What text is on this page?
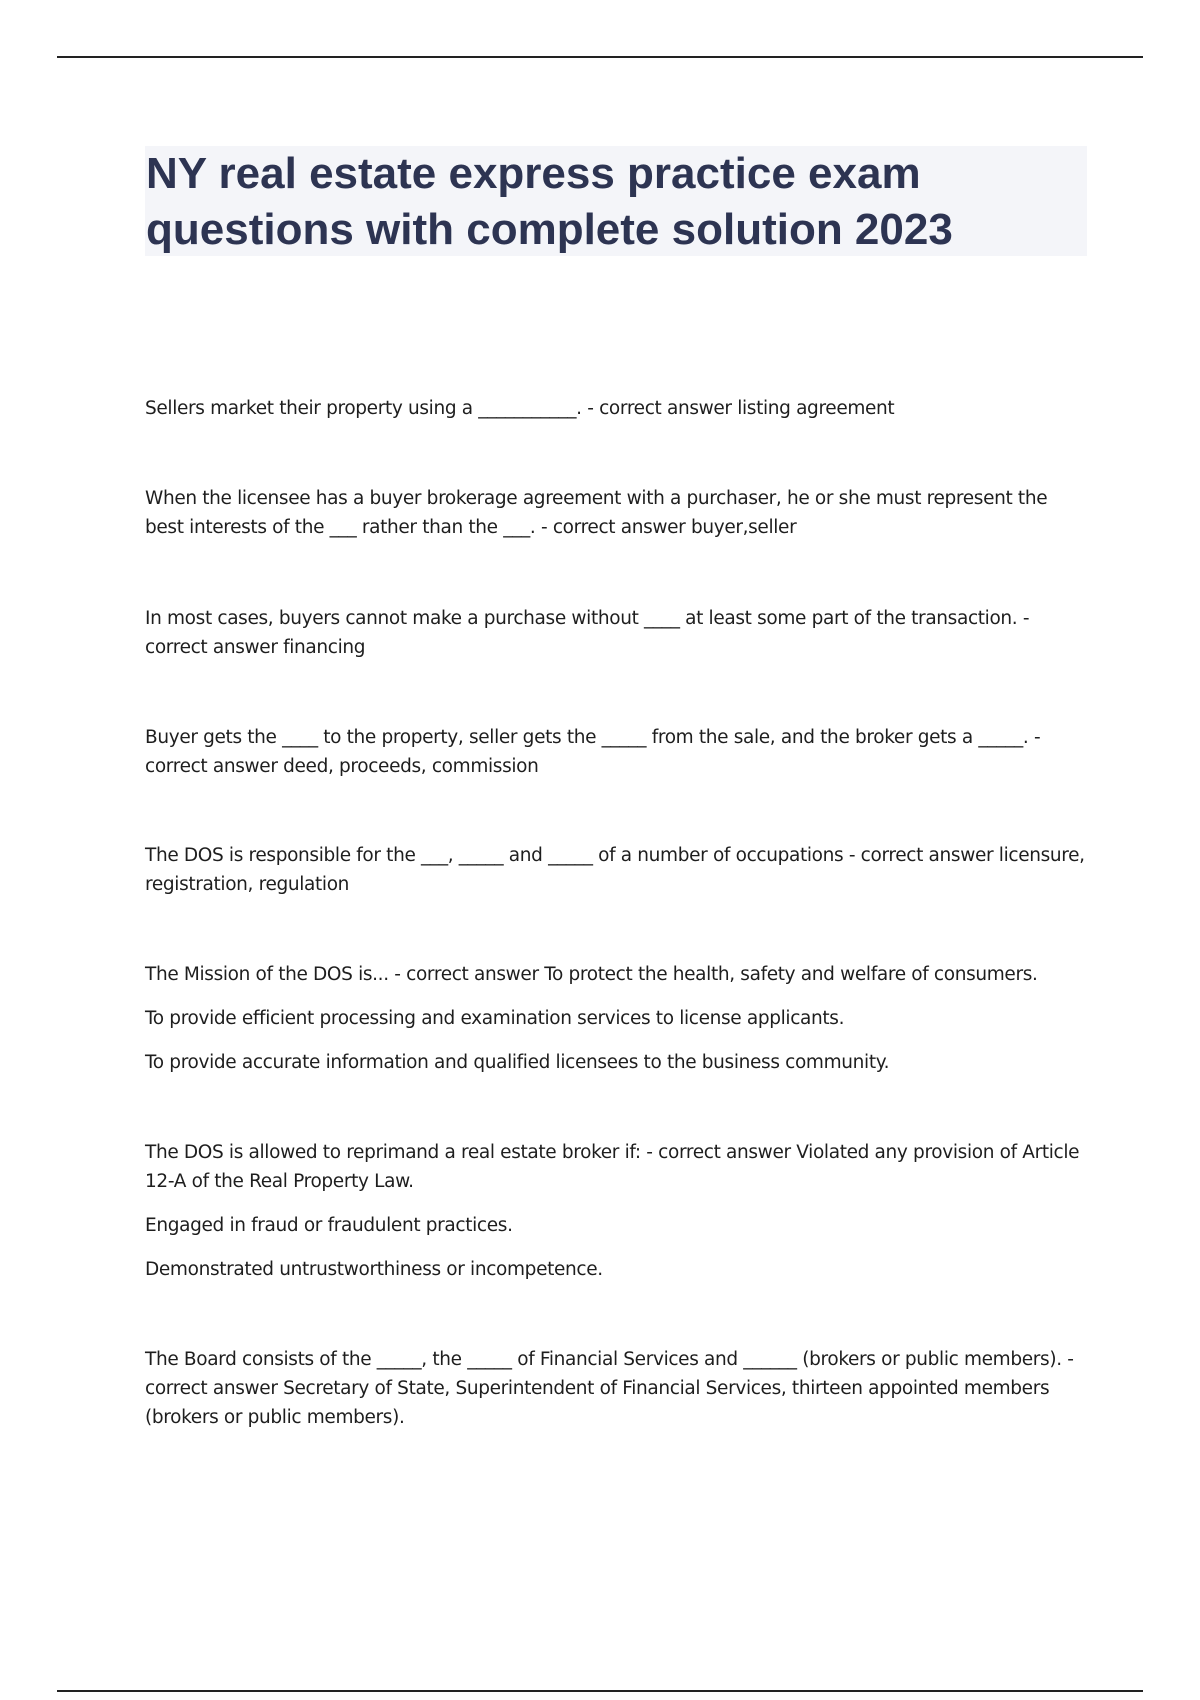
NY real estate express practice exam questions with complete solution 2023

Sellers market their property using a ___________. - correct answer listing agreement

When the licensee has a buyer brokerage agreement with a purchaser, he or she must represent the best interests of the ___ rather than the ___. - correct answer buyer,seller

In most cases, buyers cannot make a purchase without ____ at least some part of the transaction. - correct answer financing

Buyer gets the ____ to the property, seller gets the _____ from the sale, and the broker gets a _____. - correct answer deed, proceeds, commission

The DOS is responsible for the ___, _____ and _____ of a number of occupations - correct answer licensure, registration, regulation

The Mission of the DOS is... - correct answer To protect the health, safety and welfare of consumers.

To provide efficient processing and examination services to license applicants.

To provide accurate information and qualified licensees to the business community.

The DOS is allowed to reprimand a real estate broker if: - correct answer Violated any provision of Article 12-A of the Real Property Law.

Engaged in fraud or fraudulent practices.

Demonstrated untrustworthiness or incompetence.

The Board consists of the _____, the _____ of Financial Services and ______ (brokers or public members). - correct answer Secretary of State, Superintendent of Financial Services, thirteen appointed members (brokers or public members).
